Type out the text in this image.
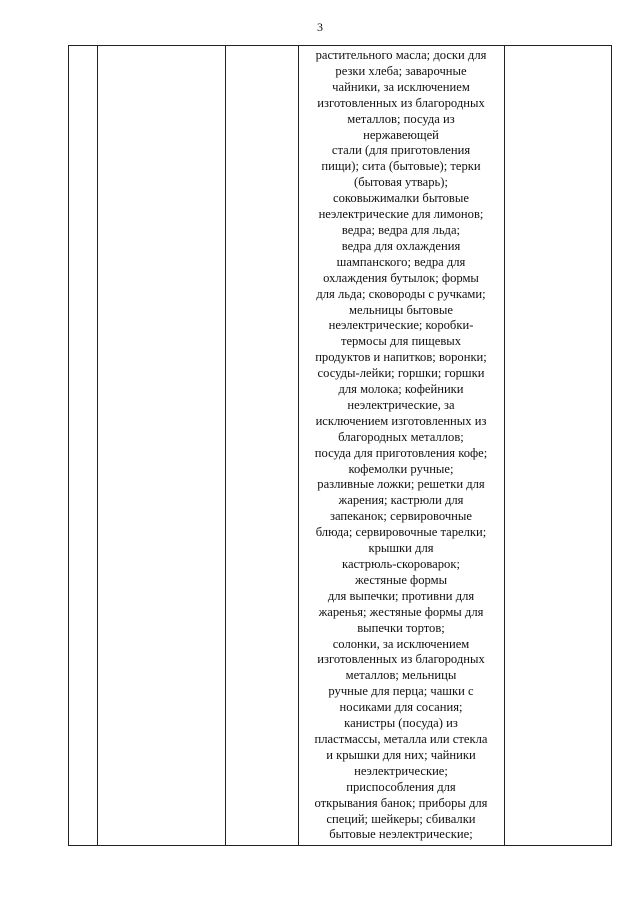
3
растительного масла; доски для
резки хлеба; заварочные
чайники, за исключением
изготовленных из благородных
металлов; посуда из
нержавеющей
стали (для приготовления
пищи); сита (бытовые); терки
(бытовая утварь);
соковыжималки бытовые
неэлектрические для лимонов;
ведра; ведра для льда;
ведра для охлаждения
шампанского; ведра для
охлаждения бутылок; формы
для льда; сковороды с ручками;
мельницы бытовые
неэлектрические; коробки-
термосы для пищевых
продуктов и напитков; воронки;
сосуды-лейки; горшки; горшки
для молока; кофейники
неэлектрические, за
исключением изготовленных из
благородных металлов;
посуда для приготовления кофе;
кофемолки ручные;
разливные ложки; решетки для
жарения; кастрюли для
запеканок; сервировочные
блюда; сервировочные тарелки;
крышки для
кастрюль-скороварок;
жестяные формы
для выпечки; противни для
жаренья; жестяные формы для
выпечки тортов;
солонки, за исключением
изготовленных из благородных
металлов; мельницы
ручные для перца; чашки с
носиками для сосания;
канистры (посуда) из
пластмассы, металла или стекла
и крышки для них; чайники
неэлектрические;
приспособления для
открывания банок; приборы для
специй; шейкеры; сбивалки
бытовые неэлектрические;
